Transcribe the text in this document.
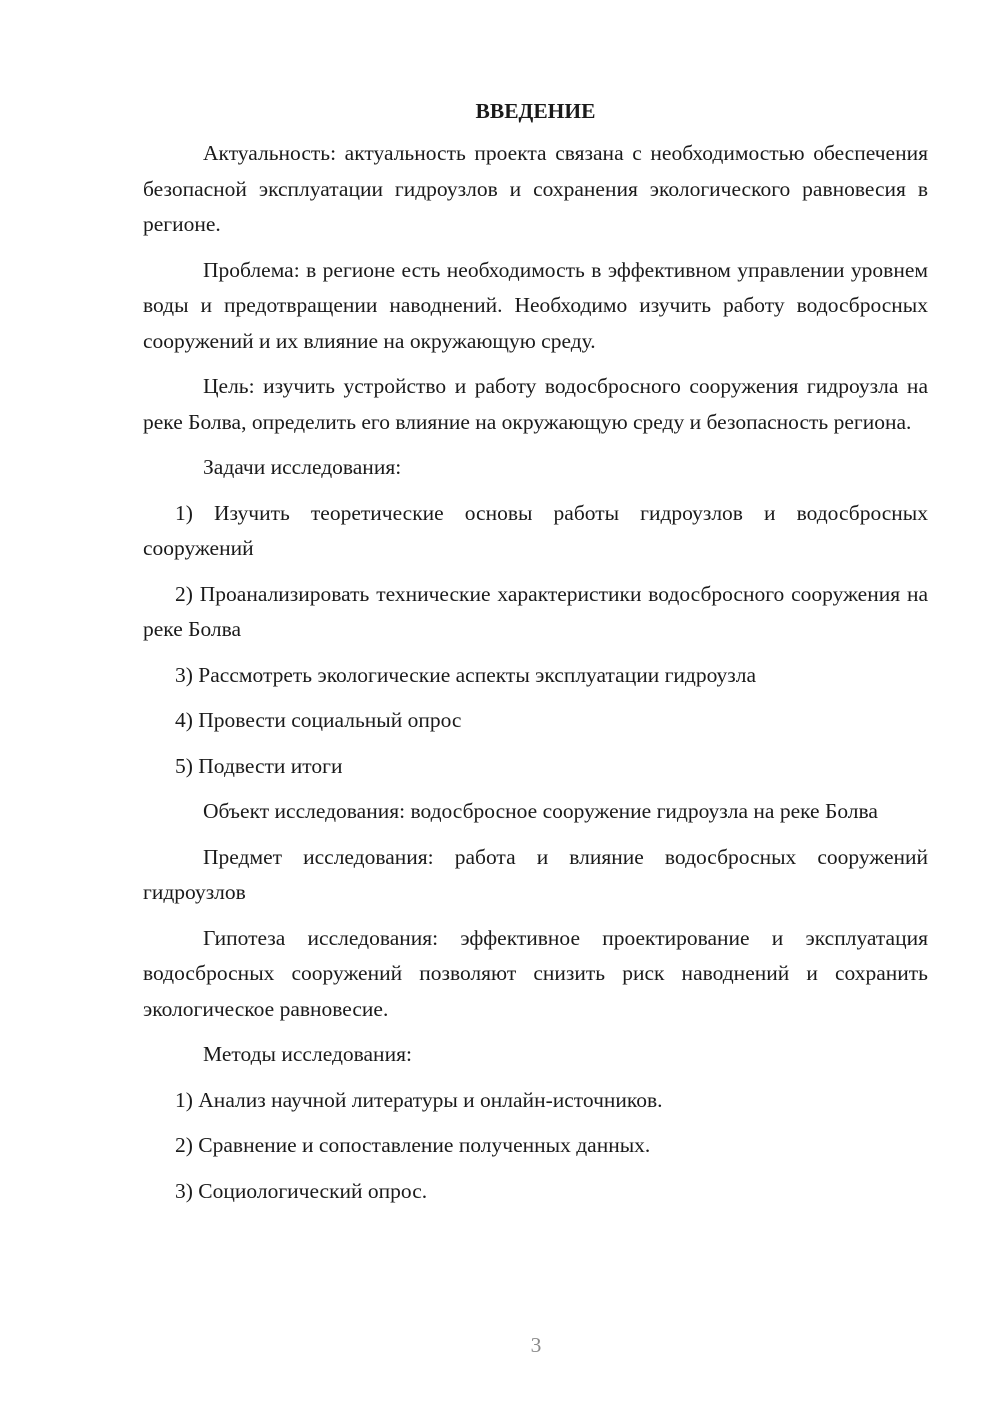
ВВЕДЕНИЕ

Актуальность: актуальность проекта связана с необходимостью обеспечения безопасной эксплуатации гидроузлов и сохранения экологического равновесия в регионе.

Проблема: в регионе есть необходимость в эффективном управлении уровнем воды и предотвращении наводнений. Необходимо изучить работу водосбросных сооружений и их влияние на окружающую среду.

Цель: изучить устройство и работу водосбросного сооружения гидроузла на реке Болва, определить его влияние на окружающую среду и безопасность региона.

Задачи исследования:

1) Изучить теоретические основы работы гидроузлов и водосбросных сооружений

2) Проанализировать технические характеристики водосбросного сооружения на реке Болва

3) Рассмотреть экологические аспекты эксплуатации гидроузла

4) Провести социальный опрос

5) Подвести итоги

Объект исследования: водосбросное сооружение гидроузла на реке Болва

Предмет исследования: работа и влияние водосбросных сооружений гидроузлов

Гипотеза исследования: эффективное проектирование и эксплуатация водосбросных сооружений позволяют снизить риск наводнений и сохранить экологическое равновесие.

Методы исследования:

1) Анализ научной литературы и онлайн-источников.

2) Сравнение и сопоставление полученных данных.

3) Социологический опрос.

3
